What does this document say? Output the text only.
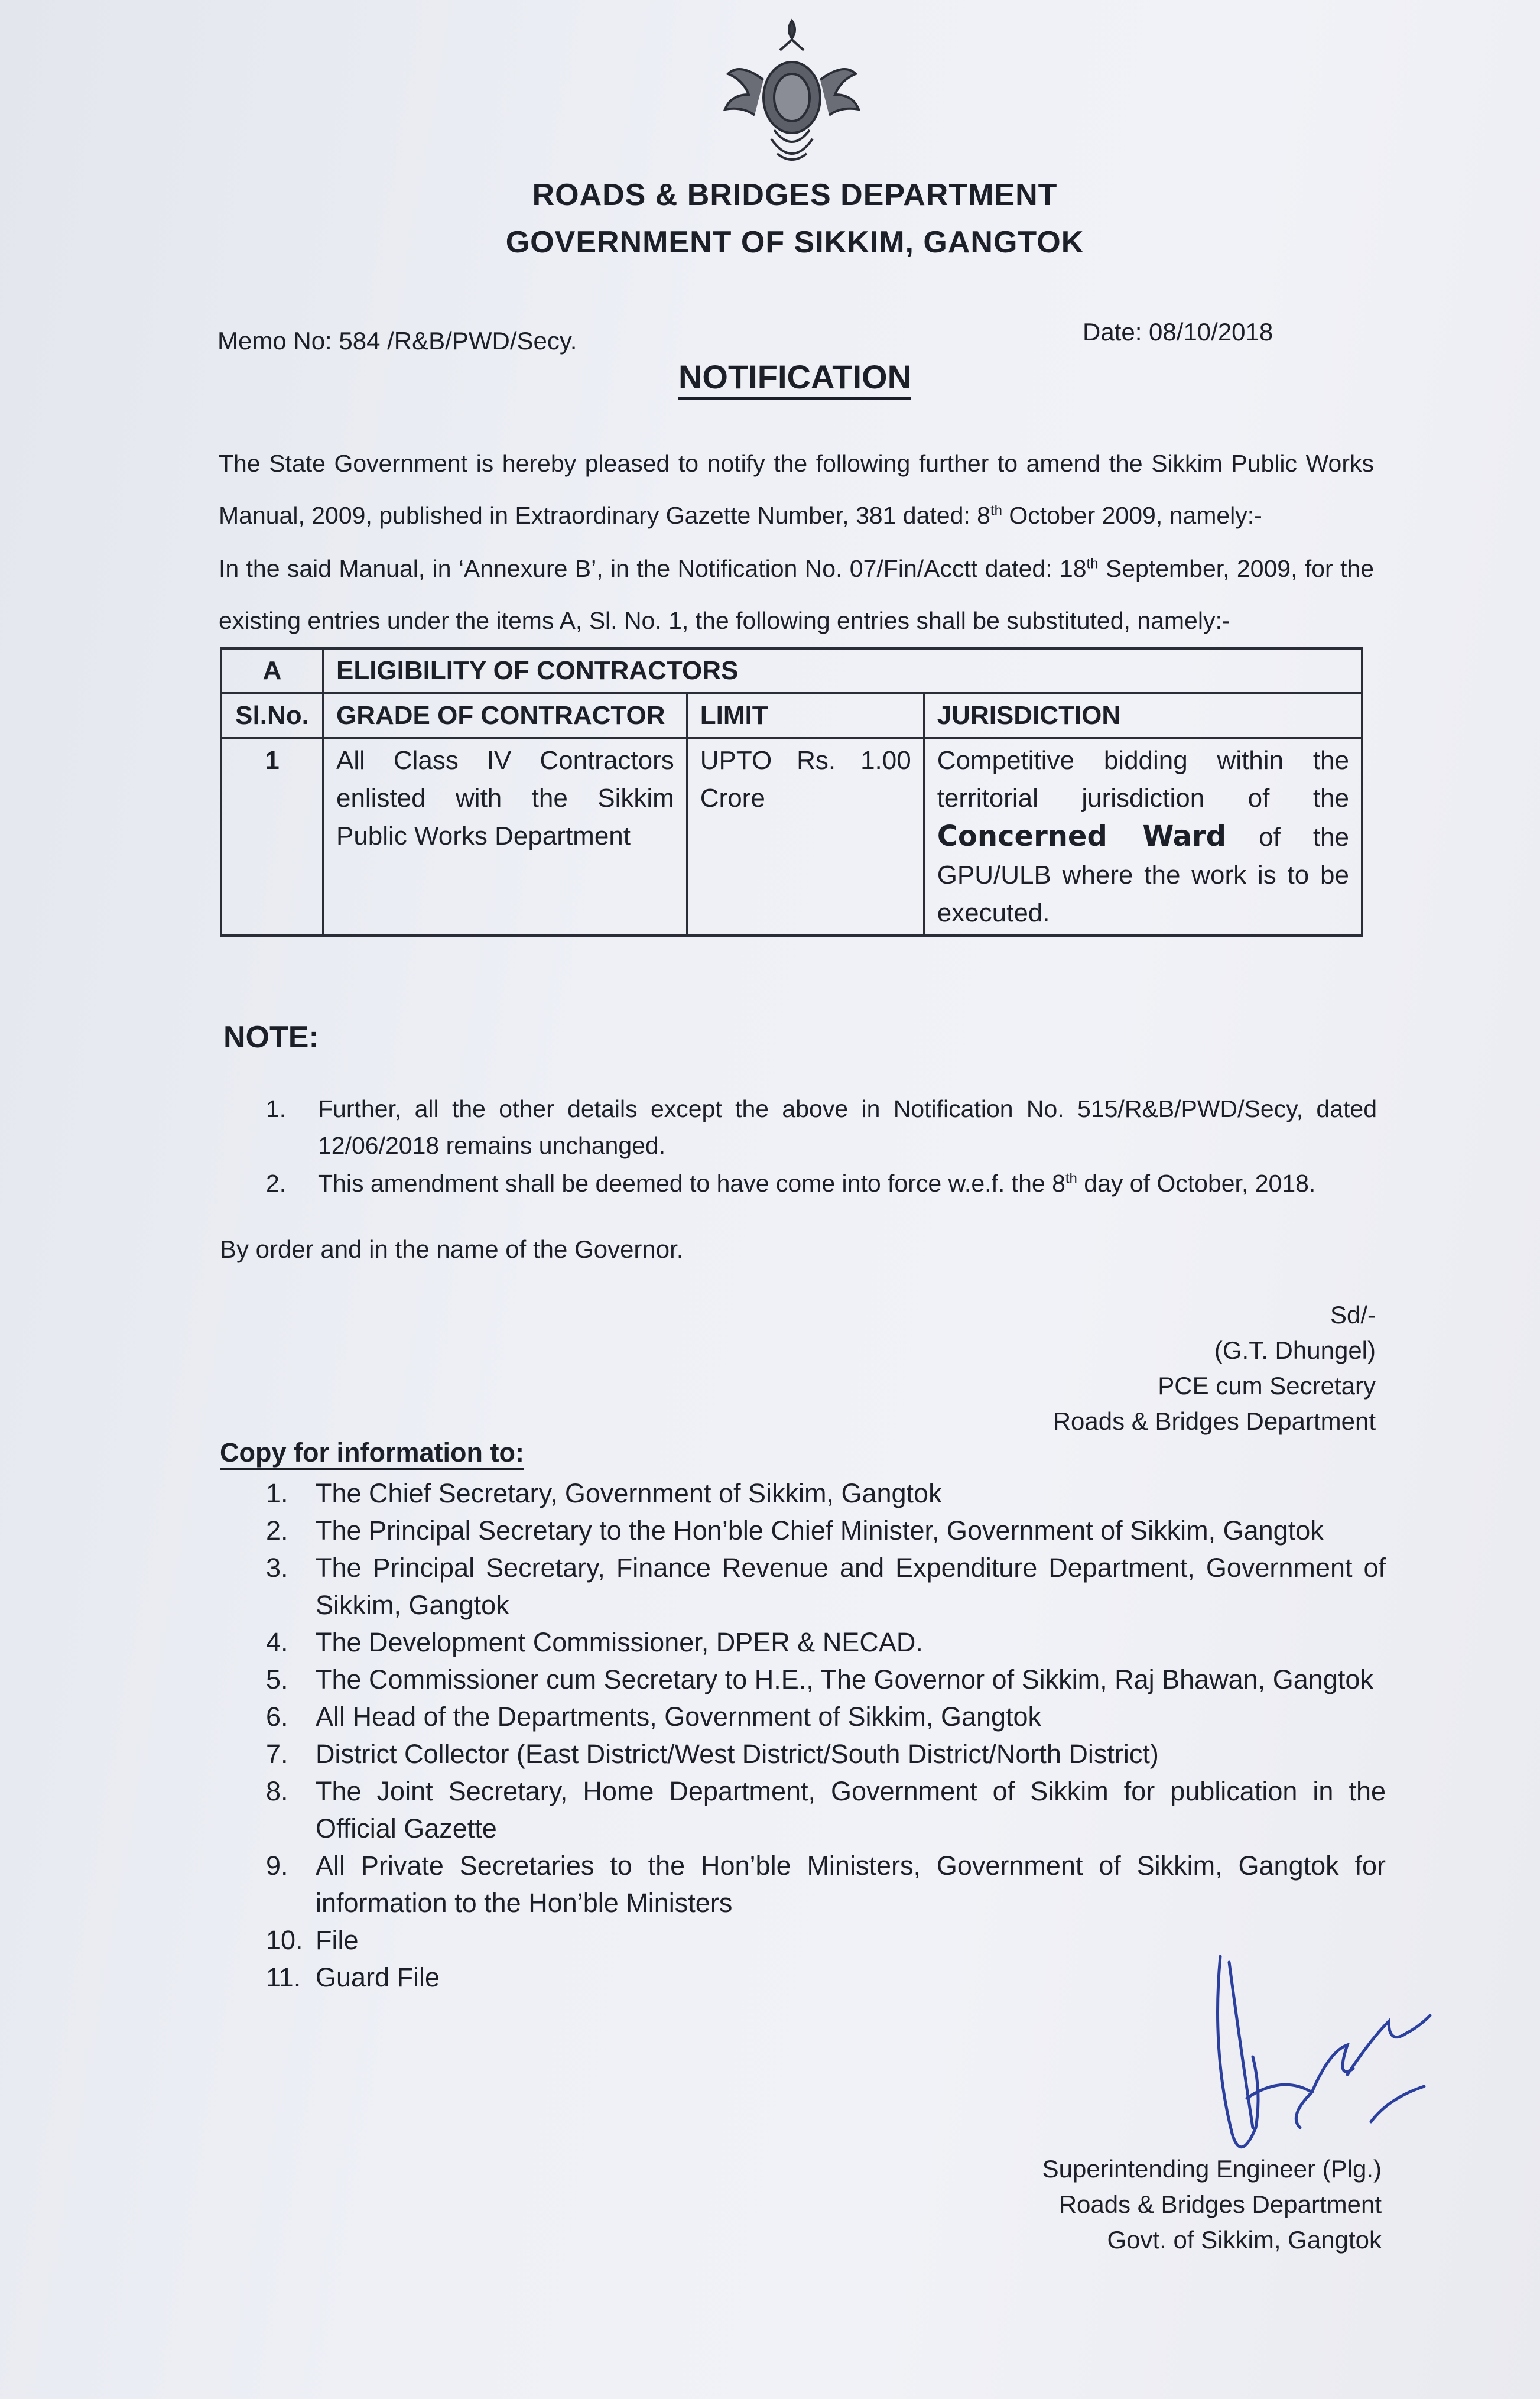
ROADS & BRIDGES DEPARTMENT
GOVERNMENT OF SIKKIM, GANGTOK
Memo No: 584 /R&B/PWD/Secy.	Date: 08/10/2018
NOTIFICATION
The State Government is hereby pleased to notify the following further to amend the Sikkim Public Works
Manual, 2009, published in Extraordinary Gazette Number, 381 dated: 8th October 2009, namely:-
In the said Manual, in ‘Annexure B’, in the Notification No. 07/Fin/Acctt dated: 18th September, 2009, for the
existing entries under the items A, Sl. No. 1, the following entries shall be substituted, namely:-
A	ELIGIBILITY OF CONTRACTORS		
Sl.No.	GRADE OF CONTRACTOR	LIMIT	JURISDICTION
1	All Class IV Contractors enlisted with the Sikkim Public Works Department	UPTO Rs. 1.00 Crore	Competitive bidding within the territorial jurisdiction of the Concerned Ward of the GPU/ULB where the work is to be executed.
NOTE:
1. Further, all the other details except the above in Notification No. 515/R&B/PWD/Secy, dated 12/06/2018 remains unchanged.
2. This amendment shall be deemed to have come into force w.e.f. the 8th day of October, 2018.
By order and in the name of the Governor.
Sd/-
(G.T. Dhungel)
PCE cum Secretary
Roads & Bridges Department
Copy for information to:
1. The Chief Secretary, Government of Sikkim, Gangtok
2. The Principal Secretary to the Hon’ble Chief Minister, Government of Sikkim, Gangtok
3. The Principal Secretary, Finance Revenue and Expenditure Department, Government of Sikkim, Gangtok
4. The Development Commissioner, DPER & NECAD.
5. The Commissioner cum Secretary to H.E., The Governor of Sikkim, Raj Bhawan, Gangtok
6. All Head of the Departments, Government of Sikkim, Gangtok
7. District Collector (East District/West District/South District/North District)
8. The Joint Secretary, Home Department, Government of Sikkim for publication in the Official Gazette
9. All Private Secretaries to the Hon’ble Ministers, Government of Sikkim, Gangtok for information to the Hon’ble Ministers
10. File
11. Guard File
Superintending Engineer (Plg.)
Roads & Bridges Department
Govt. of Sikkim, Gangtok
